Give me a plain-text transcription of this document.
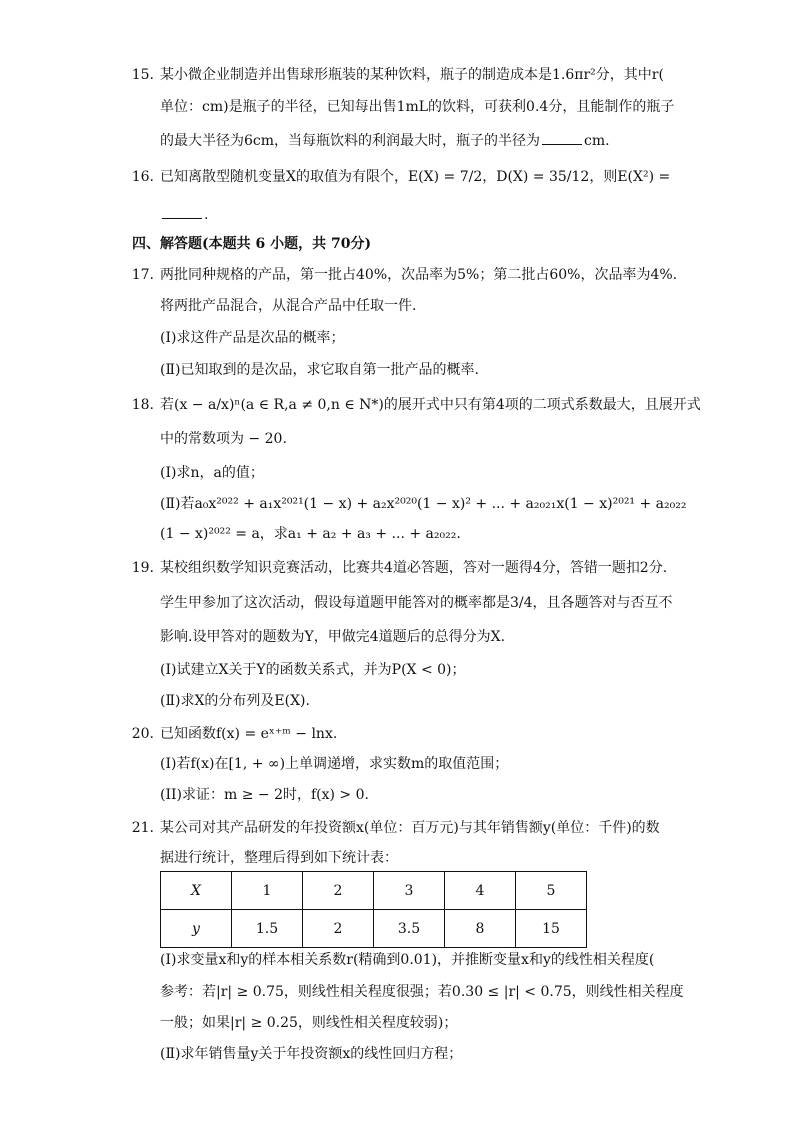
15. 某小微企业制造并出售球形瓶装的某种饮料，瓶子的制造成本是1.6πr²分，其中r(
单位：cm)是瓶子的半径，已知每出售1mL的饮料，可获利0.4分，且能制作的瓶子
的最大半径为6cm，当每瓶饮料的利润最大时，瓶子的半径为	cm.
16. 已知离散型随机变量X的取值为有限个，E(X) = 7/2，D(X) = 35/12，则E(X²) =
.
四、解答题(本题共 6 小题，共 70分)
17. 两批同种规格的产品，第一批占40%，次品率为5%；第二批占60%，次品率为4%.
将两批产品混合，从混合产品中任取一件.
(Ⅰ)求这件产品是次品的概率；
(Ⅱ)已知取到的是次品，求它取自第一批产品的概率.
18. 若(x − a/x)ⁿ(a ∈ R,a ≠ 0,n ∈ N*)的展开式中只有第4项的二项式系数最大，且展开式
中的常数项为 − 20.
(Ⅰ)求n，a的值；
(Ⅱ)若a₀x²⁰²² + a₁x²⁰²¹(1 − x) + a₂x²⁰²⁰(1 − x)² + ... + a₂₀₂₁x(1 − x)²⁰²¹ + a₂₀₂₂
(1 − x)²⁰²² = a，求a₁ + a₂ + a₃ + ... + a₂₀₂₂.
19. 某校组织数学知识竞赛活动，比赛共4道必答题，答对一题得4分，答错一题扣2分.
学生甲参加了这次活动，假设每道题甲能答对的概率都是3/4，且各题答对与否互不
影响.设甲答对的题数为Y，甲做完4道题后的总得分为X.
(Ⅰ)试建立X关于Y的函数关系式，并为P(X < 0)；
(Ⅱ)求X的分布列及E(X).
20. 已知函数f(x) = eˣ⁺ᵐ − lnx.
(I)若f(x)在[1, + ∞)上单调递增，求实数m的取值范围；
(II)求证：m ≥ − 2时，f(x) > 0.
21. 某公司对其产品研发的年投资额x(单位：百万元)与其年销售额y(单位：千件)的数
据进行统计，整理后得到如下统计表：
X	1	2	3	4	5
y	1.5	2	3.5	8	15
(Ⅰ)求变量x和y的样本相关系数r(精确到0.01)，并推断变量x和y的线性相关程度(
参考：若|r| ≥ 0.75，则线性相关程度很强；若0.30 ≤ |r| < 0.75，则线性相关程度
一般；如果|r| ≥ 0.25，则线性相关程度较弱)；
(Ⅱ)求年销售量y关于年投资额x的线性回归方程；
